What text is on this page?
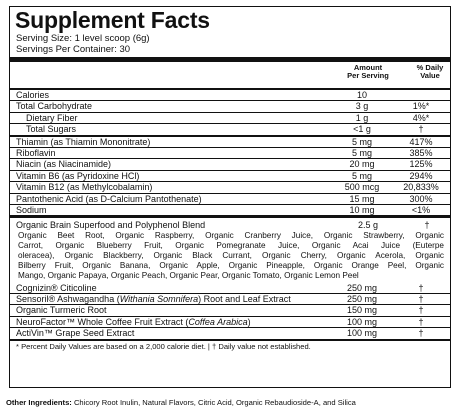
Supplement Facts
Serving Size: 1 level scoop (6g)
Servings Per Container: 30
Amount
Per Serving
% Daily
Value
Calories	10
Total Carbohydrate	3 g	1%*
Dietary Fiber	1 g	4%*
Total Sugars	<1 g	†
Thiamin (as Thiamin Mononitrate)	5 mg	417%
Riboflavin	5 mg	385%
Niacin (as Niacinamide)	20 mg	125%
Vitamin B6 (as Pyridoxine HCl)	5 mg	294%
Vitamin B12 (as Methylcobalamin)	500 mcg	20,833%
Pantothenic Acid (as D-Calcium Pantothenate)	15 mg	300%
Sodium	10 mg	<1%
Organic Brain Superfood and Polyphenol Blend	2.5 g	†
Organic Beet Root, Organic Raspberry, Organic Cranberry Juice, Organic Strawberry, Organic
Carrot, Organic Blueberry Fruit, Organic Pomegranate Juice, Organic Acai Juice (Euterpe
oleracea), Organic Blackberry, Organic Black Currant, Organic Cherry, Organic Acerola, Organic
Bilberry Fruit, Organic Banana, Organic Apple, Organic Pineapple, Organic Orange Peel, Organic
Mango, Organic Papaya, Organic Peach, Organic Pear, Organic Tomato, Organic Lemon Peel
Cognizin® Citicoline	250 mg	†
Sensoril® Ashwagandha (Withania Somnifera) Root and Leaf Extract	250 mg	†
Organic Turmeric Root	150 mg	†
NeuroFactor™ Whole Coffee Fruit Extract (Coffea Arabica)	100 mg	†
ActiVin™ Grape Seed Extract	100 mg	†
* Percent Daily Values are based on a 2,000 calorie diet. | † Daily value not established.
Other Ingredients: Chicory Root Inulin, Natural Flavors, Citric Acid, Organic Rebaudioside-A, and Silica
